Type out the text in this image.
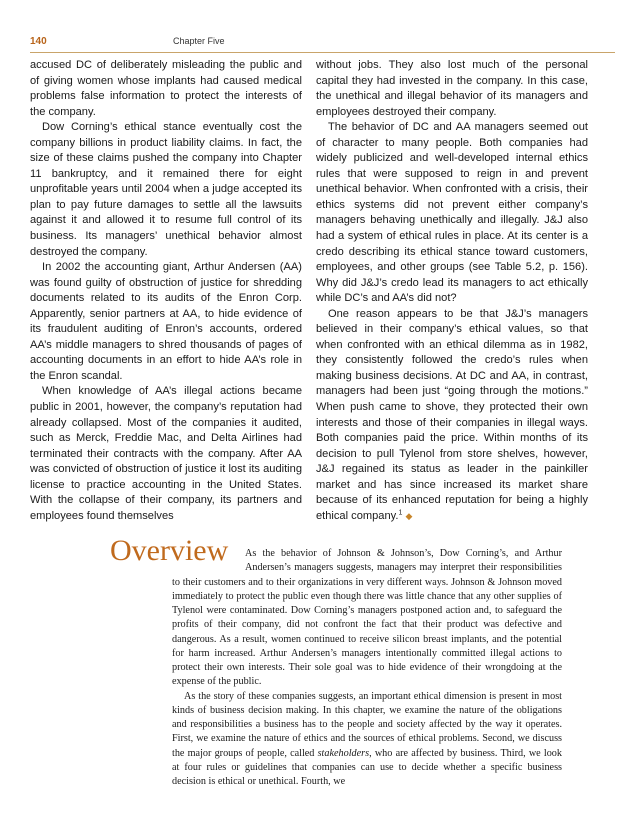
140	Chapter Five

accused DC of deliberately misleading the public and of giving women whose implants had caused medical problems false information to protect the interests of the company.

Dow Corning’s ethical stance eventually cost the company billions in product liability claims. In fact, the size of these claims pushed the company into Chapter 11 bankruptcy, and it remained there for eight unprofitable years until 2004 when a judge accepted its plan to pay future damages to settle all the lawsuits against it and allowed it to resume full control of its business. Its managers’ unethical behavior almost destroyed the company.

In 2002 the accounting giant, Arthur Andersen (AA) was found guilty of obstruction of justice for shredding documents related to its audits of the Enron Corp. Apparently, senior partners at AA, to hide evidence of its fraudulent auditing of Enron’s accounts, ordered AA’s middle managers to shred thousands of pages of accounting documents in an effort to hide AA’s role in the Enron scandal.

When knowledge of AA’s illegal actions became public in 2001, however, the company’s reputation had already collapsed. Most of the companies it audited, such as Merck, Freddie Mac, and Delta Airlines had terminated their contracts with the company. After AA was convicted of obstruction of justice it lost its auditing license to practice accounting in the United States. With the collapse of their company, its partners and employees found themselves

without jobs. They also lost much of the personal capital they had invested in the company. In this case, the unethical and illegal behavior of its managers and employees destroyed their company.

The behavior of DC and AA managers seemed out of character to many people. Both companies had widely publicized and well-developed internal ethics rules that were supposed to reign in and prevent unethical behavior. When confronted with a crisis, their ethics systems did not prevent either company’s managers behaving unethically and illegally. J&J also had a system of ethical rules in place. At its center is a credo describing its ethical stance toward customers, employees, and other groups (see Table 5.2, p. 156). Why did J&J’s credo lead its managers to act ethically while DC’s and AA’s did not?

One reason appears to be that J&J’s managers believed in their company’s ethical values, so that when confronted with an ethical dilemma as in 1982, they consistently followed the credo’s rules when making business decisions. At DC and AA, in contrast, managers had been just “going through the motions.” When push came to shove, they protected their own interests and those of their companies in illegal ways. Both companies paid the price. Within months of its decision to pull Tylenol from store shelves, however, J&J regained its status as leader in the painkiller market and has since increased its market share because of its enhanced reputation for being a highly ethical company.$^1$ ◆

Overview	As the behavior of Johnson & Johnson’s, Dow Corning’s, and Arthur Andersen’s managers suggests, managers may interpret their responsibilities to their customers and to their organizations in very different ways. Johnson & Johnson moved immediately to protect the public even though there was little chance that any other supplies of Tylenol were contaminated. Dow Corning’s managers postponed action and, to safeguard the profits of their company, did not confront the fact that their product was defective and dangerous. As a result, women continued to receive silicon breast implants, and the potential for harm increased. Arthur Andersen’s managers intentionally committed illegal actions to protect their own interests. Their sole goal was to hide evidence of their wrongdoing at the expense of the public.

As the story of these companies suggests, an important ethical dimension is present in most kinds of business decision making. In this chapter, we examine the nature of the obligations and responsibilities a business has to the people and society affected by the way it operates. First, we examine the nature of ethics and the sources of ethical problems. Second, we discuss the major groups of people, called stakeholders, who are affected by business. Third, we look at four rules or guidelines that companies can use to decide whether a specific business decision is ethical or unethical. Fourth, we
